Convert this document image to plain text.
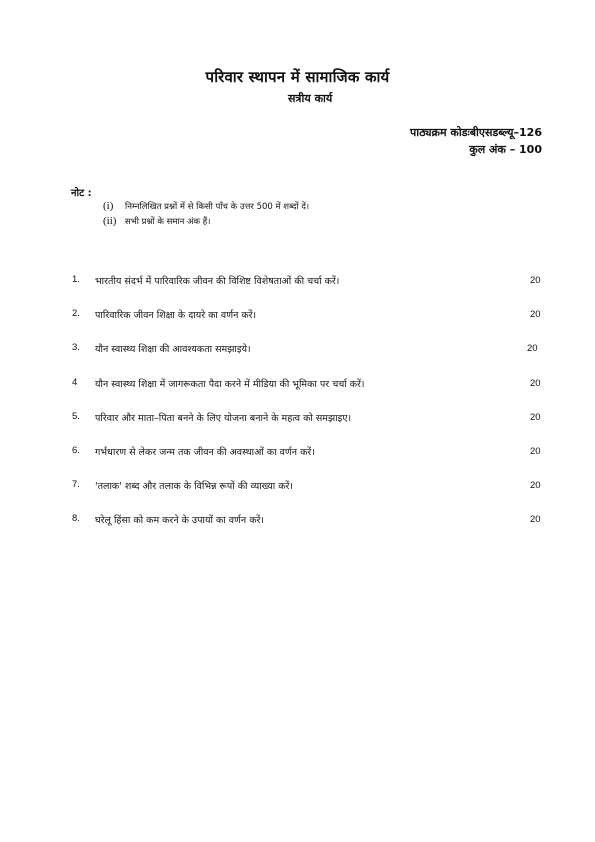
परिवार स्थापन में सामाजिक कार्य
सत्रीय कार्य
पाठ्यक्रम कोडःबीएसडब्ल्यू–126
कुल अंक – 100
नोट :
(i)	निम्नलिखित प्रश्नों में से किसी पाँच के उत्तर 500 में शब्दों दें।
(ii)	सभी प्रश्नों के समान अंक हैं।
1. भारतीय संदर्भ में पारिवारिक जीवन की विशिष्ट विशेषताओं की चर्चा करें।	20
2. पारिवारिक जीवन शिक्षा के दायरे का वर्णन करें।	20
3. यौन स्वास्थ्य शिक्षा की आवश्यकता समझाइये।	20
4 यौन स्वास्थ्य शिक्षा में जागरूकता पैदा करने में मीडिया की भूमिका पर चर्चा करें।	20
5. परिवार और माता–पिता बनने के लिए योजना बनाने के महत्व को समझाइए।	20
6. गर्भधारण से लेकर जन्म तक जीवन की अवस्थाओं का वर्णन करें।	20
7. 'तलाक' शब्द और तलाक के विभिन्न रूपों की व्याख्या करें।	20
8. घरेलू हिंसा को कम करने के उपायों का वर्णन करें।	20
